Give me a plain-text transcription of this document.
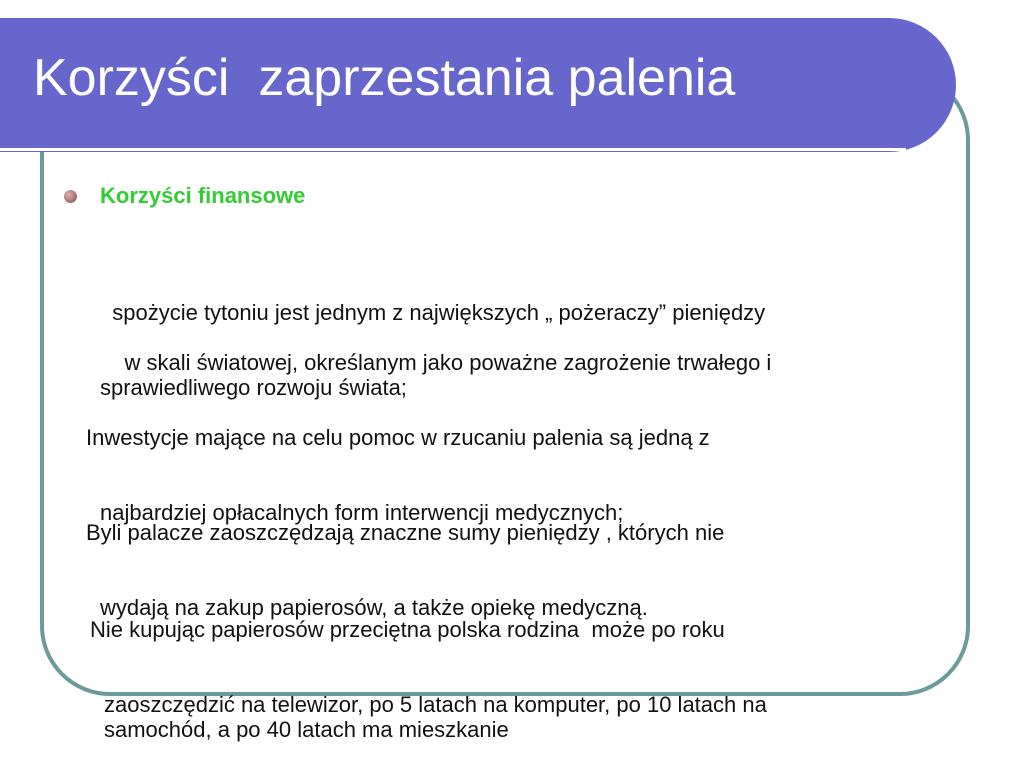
Korzyści  zaprzestania palenia
Korzyści finansowe

spożycie tytoniu jest jednym z największych „ pożeraczy” pieniędzy

w skali światowej, określanym jako poważne zagrożenie trwałego i
sprawiedliwego rozwoju świata;

Inwestycje mające na celu pomoc w rzucaniu palenia są jedną z

najbardziej opłacalnych form interwencji medycznych;

Byli palacze zaoszczędzają znaczne sumy pieniędzy , których nie

wydają na zakup papierosów, a także opiekę medyczną.

Nie kupując papierosów przeciętna polska rodzina  może po roku

zaoszczędzić na telewizor, po 5 latach na komputer, po 10 latach na
samochód, a po 40 latach ma mieszkanie
